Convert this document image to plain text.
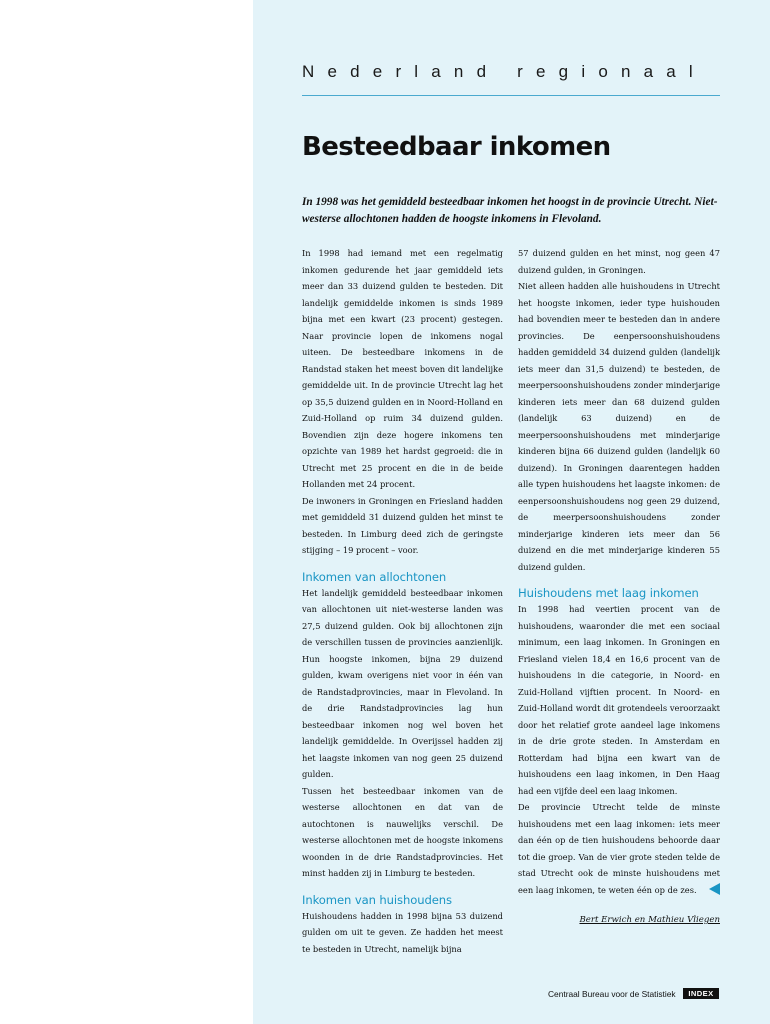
Nederland regionaal
Besteedbaar inkomen

In 1998 was het gemiddeld besteedbaar inkomen het hoogst in de provincie Utrecht. Niet-westerse allochtonen hadden de hoogste inkomens in Flevoland.

In 1998 had iemand met een regelmatig inkomen gedurende het jaar gemiddeld iets meer dan 33 duizend gulden te besteden. Dit landelijk gemiddelde inkomen is sinds 1989 bijna met een kwart (23 procent) gestegen. Naar provincie lopen de inkomens nogal uiteen. De besteedbare inkomens in de Randstad staken het meest boven dit landelijke gemiddelde uit. In de provincie Utrecht lag het op 35,5 duizend gulden en in Noord-Holland en Zuid-Holland op ruim 34 duizend gulden. Bovendien zijn deze hogere inkomens ten opzichte van 1989 het hardst gegroeid: die in Utrecht met 25 procent en die in de beide Hollanden met 24 procent.

De inwoners in Groningen en Friesland hadden met gemiddeld 31 duizend gulden het minst te besteden. In Limburg deed zich de geringste stijging – 19 procent – voor.

Inkomen van allochtonen

Het landelijk gemiddeld besteedbaar inkomen van allochtonen uit niet-westerse landen was 27,5 duizend gulden. Ook bij allochtonen zijn de verschillen tussen de provincies aanzienlijk. Hun hoogste inkomen, bijna 29 duizend gulden, kwam overigens niet voor in één van de Randstadprovincies, maar in Flevoland. In de drie Randstadprovincies lag hun besteedbaar inkomen nog wel boven het landelijk gemiddelde. In Overijssel hadden zij het laagste inkomen van nog geen 25 duizend gulden.

Tussen het besteedbaar inkomen van de westerse allochtonen en dat van de autochtonen is nauwelijks verschil. De westerse allochtonen met de hoogste inkomens woonden in de drie Randstadprovincies. Het minst hadden zij in Limburg te besteden.

Inkomen van huishoudens

Huishoudens hadden in 1998 bijna 53 duizend gulden om uit te geven. Ze hadden het meest te besteden in Utrecht, namelijk bijna

57 duizend gulden en het minst, nog geen 47 duizend gulden, in Groningen.

Niet alleen hadden alle huishoudens in Utrecht het hoogste inkomen, ieder type huishouden had bovendien meer te besteden dan in andere provincies. De eenpersoonshuishoudens hadden gemiddeld 34 duizend gulden (landelijk iets meer dan 31,5 duizend) te besteden, de meerpersoonshuishoudens zonder minderjarige kinderen iets meer dan 68 duizend gulden (landelijk 63 duizend) en de meerpersoonshuishoudens met minderjarige kinderen bijna 66 duizend gulden (landelijk 60 duizend). In Groningen daarentegen hadden alle typen huishoudens het laagste inkomen: de eenpersoonshuishoudens nog geen 29 duizend, de meerpersoonshuishoudens zonder minderjarige kinderen iets meer dan 56 duizend en die met minderjarige kinderen 55 duizend gulden.

Huishoudens met laag inkomen

In 1998 had veertien procent van de huishoudens, waaronder die met een sociaal minimum, een laag inkomen. In Groningen en Friesland vielen 18,4 en 16,6 procent van de huishoudens in die categorie, in Noord- en Zuid-Holland vijftien procent. In Noord- en Zuid-Holland wordt dit grotendeels veroorzaakt door het relatief grote aandeel lage inkomens in de drie grote steden. In Amsterdam en Rotterdam had bijna een kwart van de huishoudens een laag inkomen, in Den Haag had een vijfde deel een laag inkomen.

De provincie Utrecht telde de minste huishoudens met een laag inkomen: iets meer dan één op de tien huishoudens behoorde daar tot die groep. Van de vier grote steden telde de stad Utrecht ook de minste huishoudens met een laag inkomen, te weten één op de zes.

Bert Erwich en Mathieu Vliegen

Centraal Bureau voor de Statistiek	INDEX
